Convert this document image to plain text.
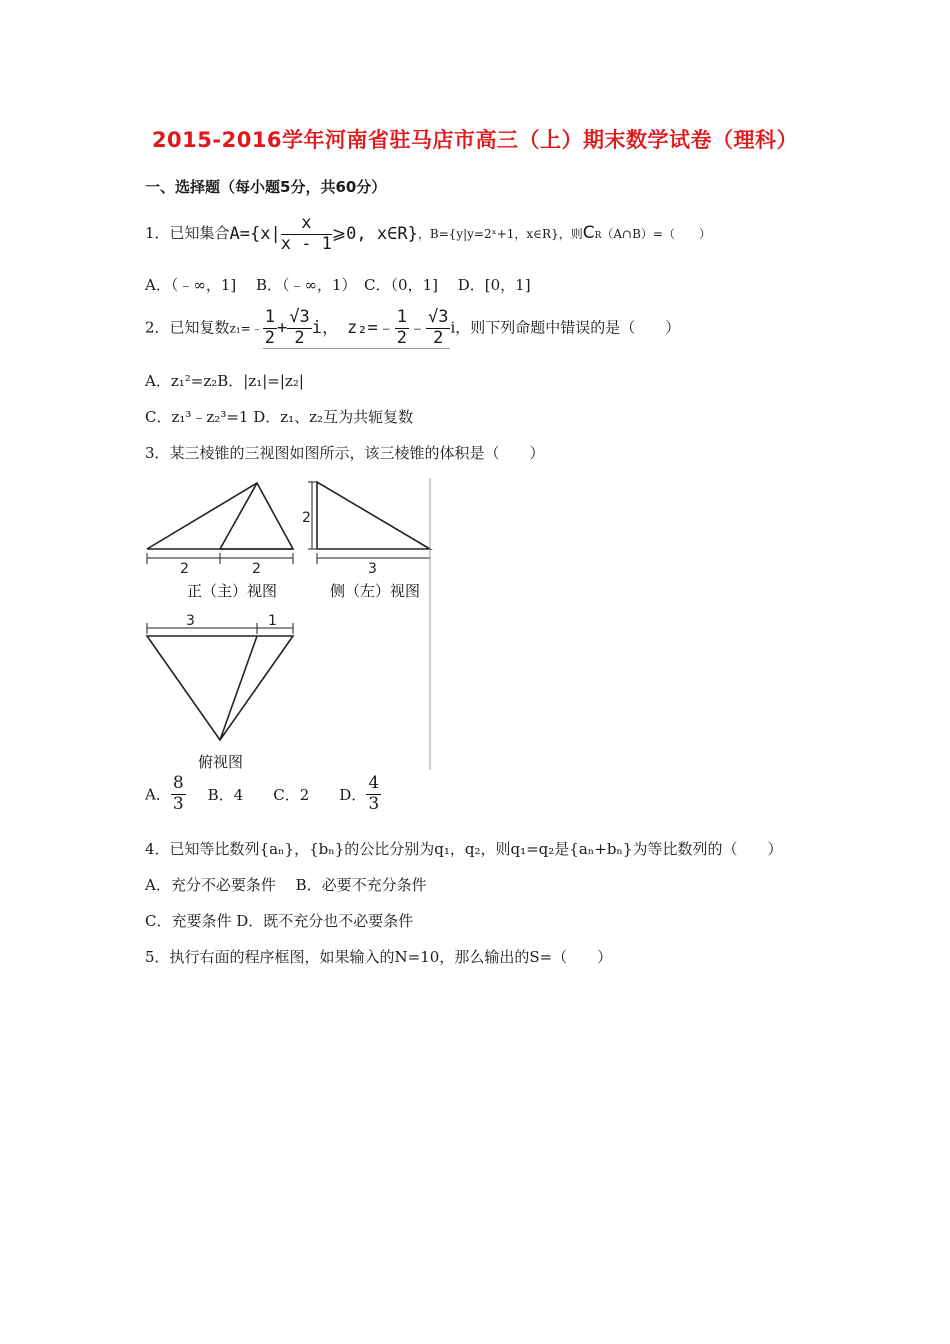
2015-2016学年河南省驻马店市高三（上）期末数学试卷（理科）
一、选择题（每小题5分，共60分）
1．已知集合$A=\{x| \frac{x}{x - 1}$ ⩾0, x∈R}，B={y|y=2ˣ+1，x∈R}，则CR（A∩B）=（　　）
A．（﹣∞，1]　 B．（﹣∞，1）　C．（0，1]　 D．[0，1]
2．已知复数z₁=﹣ $\frac{1}{2} + \frac{√3}{2}$ i， z₂=﹣ $\frac{1}{2}$ ﹣ $\frac{√3}{2}$ i，则下列命题中错误的是（　　）
A．z₁²=z₂B．|z₁|=|z₂|
C．z₁³﹣z₂³=1 D．z₁、z₂互为共轭复数
3．某三棱锥的三视图如图所示，该三棱锥的体积是（　　）
2	2
2
3
3	1
正（主）视图	侧（左）视图
俯视图
A． $\frac{8}{3}$ B．4 C．2 D． $\frac{4}{3}$
4．已知等比数列{aₙ}，{bₙ}的公比分别为q₁，q₂，则q₁=q₂是{aₙ+bₙ}为等比数列的（　　）
A．充分不必要条件　 B．必要不充分条件
C．充要条件 D．既不充分也不必要条件
5．执行右面的程序框图，如果输入的N=10，那么输出的S=（　　）
